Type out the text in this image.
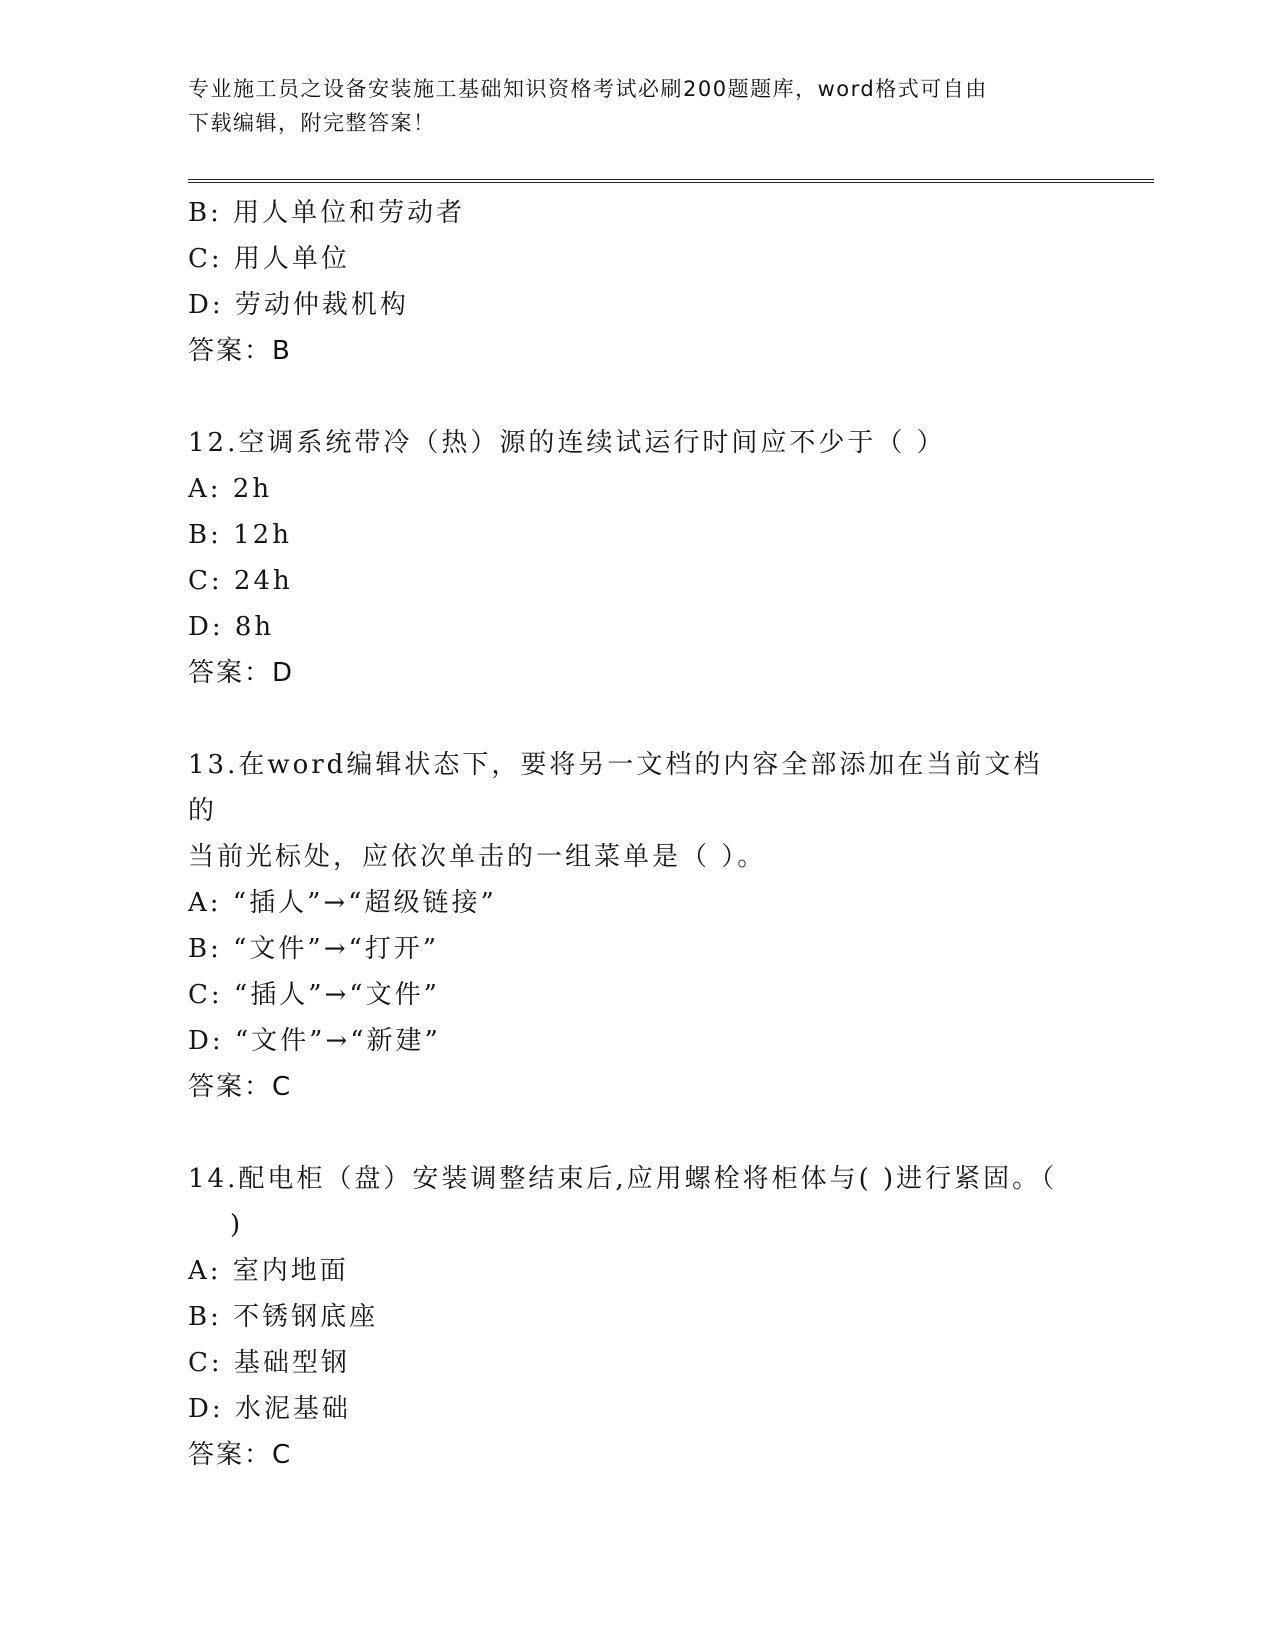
专业施工员之设备安装施工基础知识资格考试必刷200题题库，word格式可自由
下载编辑，附完整答案！
B: 用人单位和劳动者
C: 用人单位
D: 劳动仲裁机构
答案：B
12.空调系统带冷（热）源的连续试运行时间应不少于（ ）
A: 2h
B: 12h
C: 24h
D: 8h
答案：D
13.在word编辑状态下，要将另一文档的内容全部添加在当前文档的
当前光标处，应依次单击的一组菜单是（ ）。
A: “插人”→“超级链接”
B: “文件”→“打开”
C: “插人”→“文件”
D: “文件”→“新建”
答案：C
14.配电柜（盘）安装调整结束后,应用螺栓将柜体与( )进行紧固。（
)
A: 室内地面
B: 不锈钢底座
C: 基础型钢
D: 水泥基础
答案：C
